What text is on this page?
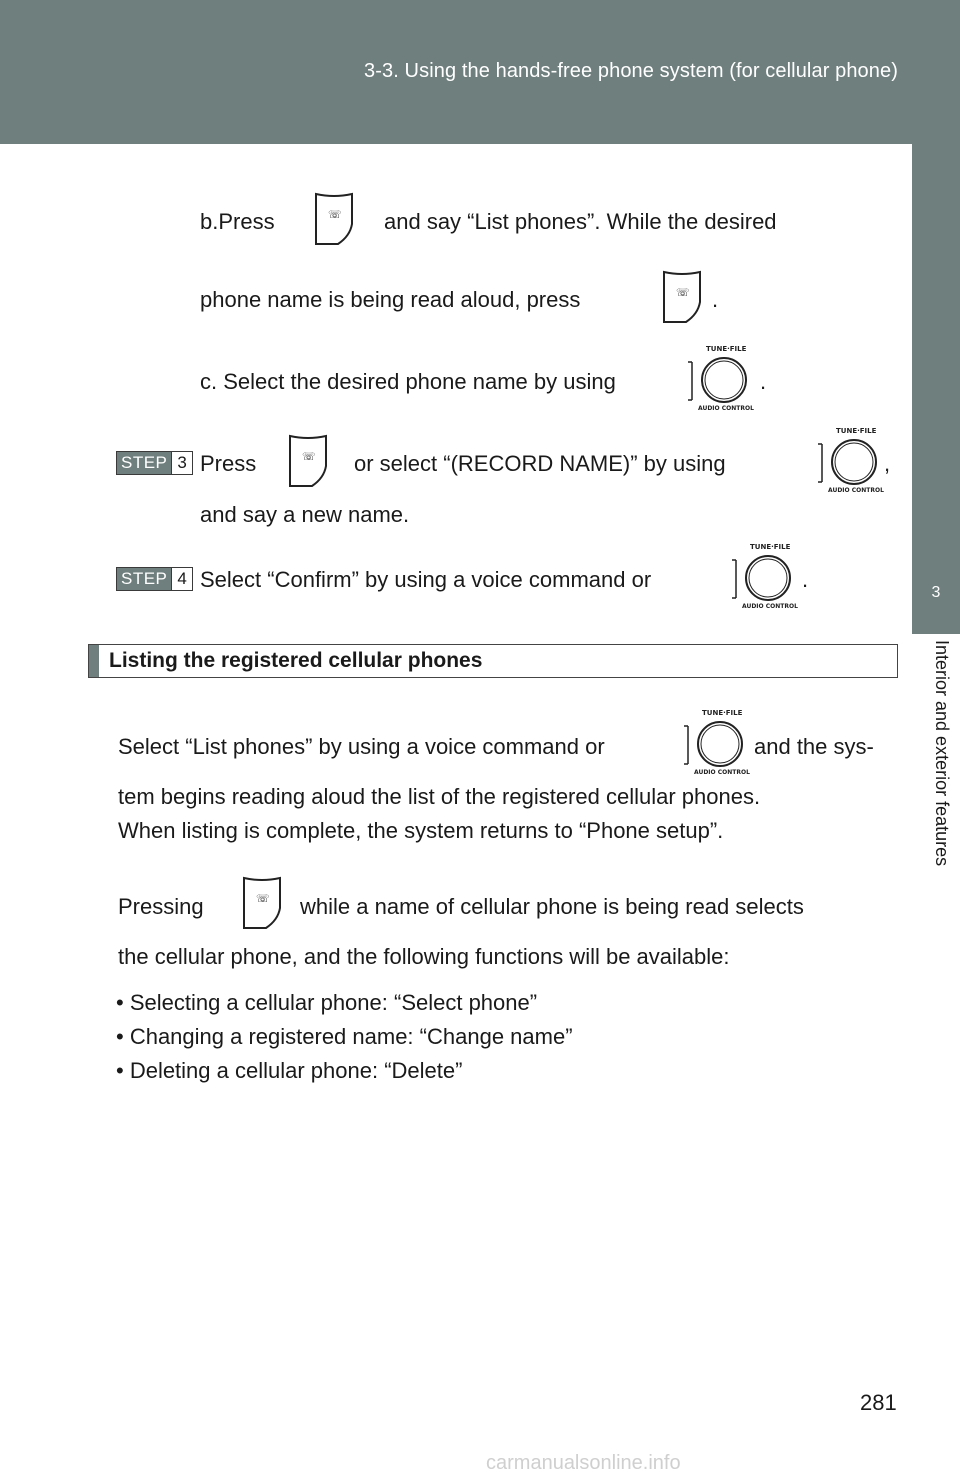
3-3. Using the hands-free phone system (for cellular phone)
3
Interior and exterior features
b.Press	☏ and say “List phones”. While the desired
phone name is being read aloud, press	☏ .
c. Select the desired phone name by using
TUNE·FILE
AUDIO CONTROL
.
STEP 3 Press	☏ or select “(RECORD NAME)” by using
TUNE·FILE
AUDIO CONTROL
,
and say a new name.
STEP 4 Select “Confirm” by using a voice command or
TUNE·FILE
AUDIO CONTROL
.
Listing the registered cellular phones
Select “List phones” by using a voice command or
TUNE·FILE
AUDIO CONTROL
and the sys-
tem begins reading aloud the list of the registered cellular phones.
When listing is complete, the system returns to “Phone setup”.
Pressing	☏ while a name of cellular phone is being read selects
the cellular phone, and the following functions will be available:
• Selecting a cellular phone: “Select phone”
• Changing a registered name: “Change name”
• Deleting a cellular phone: “Delete”
281
carmanualsonline.info
